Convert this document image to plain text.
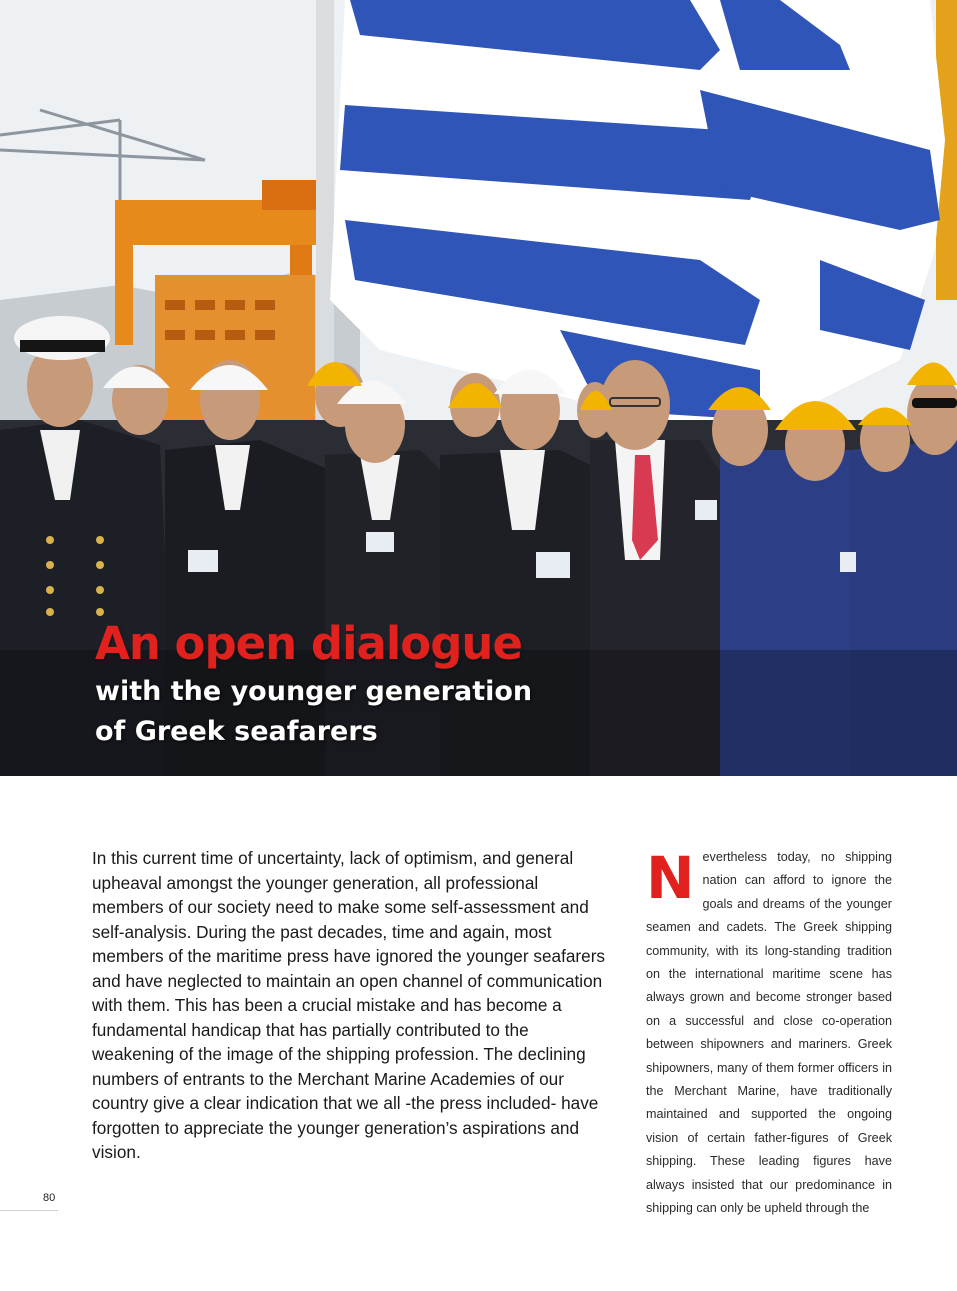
An open dialogue

with the younger generation

of Greek seafarers

In this current time of uncertainty, lack of optimism, and general upheaval amongst the younger generation, all professional members of our society need to make some self-assessment and self-analysis. During the past decades, time and again, most members of the maritime press have ignored the younger seafarers and have neglected to maintain an open channel of communication with them. This has been a crucial mistake and has become a fundamental handicap that has partially contributed to the weakening of the image of the shipping profession. The declining numbers of entrants to the Merchant Marine Academies of our country give a clear indication that we all -the press included- have forgotten to appreciate the younger generation’s aspirations and vision.

N evertheless today, no shipping nation can afford to ignore the goals and dreams of the younger seamen and cadets. The Greek shipping community, with its long-standing tradition on the international maritime scene has always grown and become stronger based on a successful and close co-operation between shipowners and mariners. Greek shipowners, many of them former officers in the Merchant Marine, have traditionally maintained and supported the ongoing vision of certain father-figures of Greek shipping. These leading figures have always insisted that our predominance in shipping can only be upheld through the
80
